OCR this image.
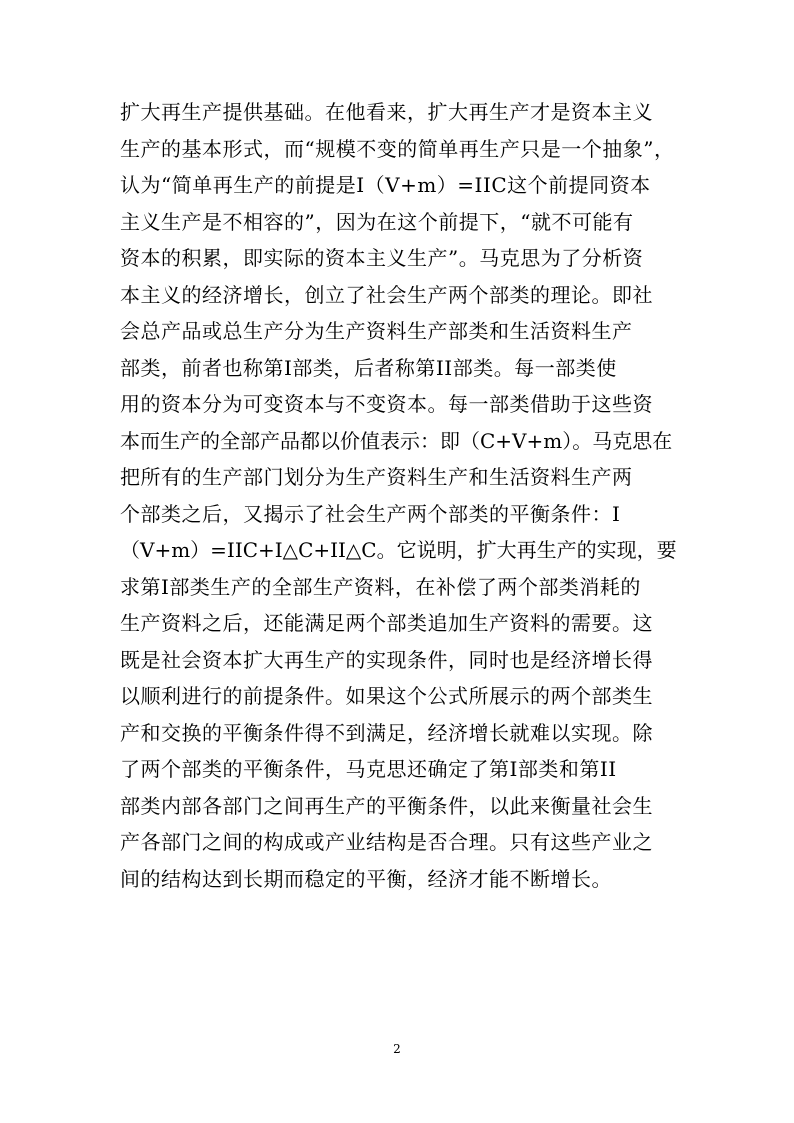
扩大再生产提供基础。在他看来，扩大再生产才是资本主义
生产的基本形式，而“规模不变的简单再生产只是一个抽象”，
认为“简单再生产的前提是Ⅰ（V+m）=IIC这个前提同资本
主义生产是不相容的”，因为在这个前提下，“就不可能有
资本的积累，即实际的资本主义生产”。马克思为了分析资
本主义的经济增长，创立了社会生产两个部类的理论。即社
会总产品或总生产分为生产资料生产部类和生活资料生产
部类，前者也称第Ⅰ部类，后者称第II部类。每一部类使
用的资本分为可变资本与不变资本。每一部类借助于这些资
本而生产的全部产品都以价值表示：即（C+V+m）。马克思在
把所有的生产部门划分为生产资料生产和生活资料生产两
个部类之后，又揭示了社会生产两个部类的平衡条件：Ⅰ
（V+m）=IIC+Ⅰ△C+II△C。它说明，扩大再生产的实现，要
求第Ⅰ部类生产的全部生产资料，在补偿了两个部类消耗的
生产资料之后，还能满足两个部类追加生产资料的需要。这
既是社会资本扩大再生产的实现条件，同时也是经济增长得
以顺利进行的前提条件。如果这个公式所展示的两个部类生
产和交换的平衡条件得不到满足，经济增长就难以实现。除
了两个部类的平衡条件，马克思还确定了第Ⅰ部类和第II
部类内部各部门之间再生产的平衡条件，以此来衡量社会生
产各部门之间的构成或产业结构是否合理。只有这些产业之
间的结构达到长期而稳定的平衡，经济才能不断增长。
2
